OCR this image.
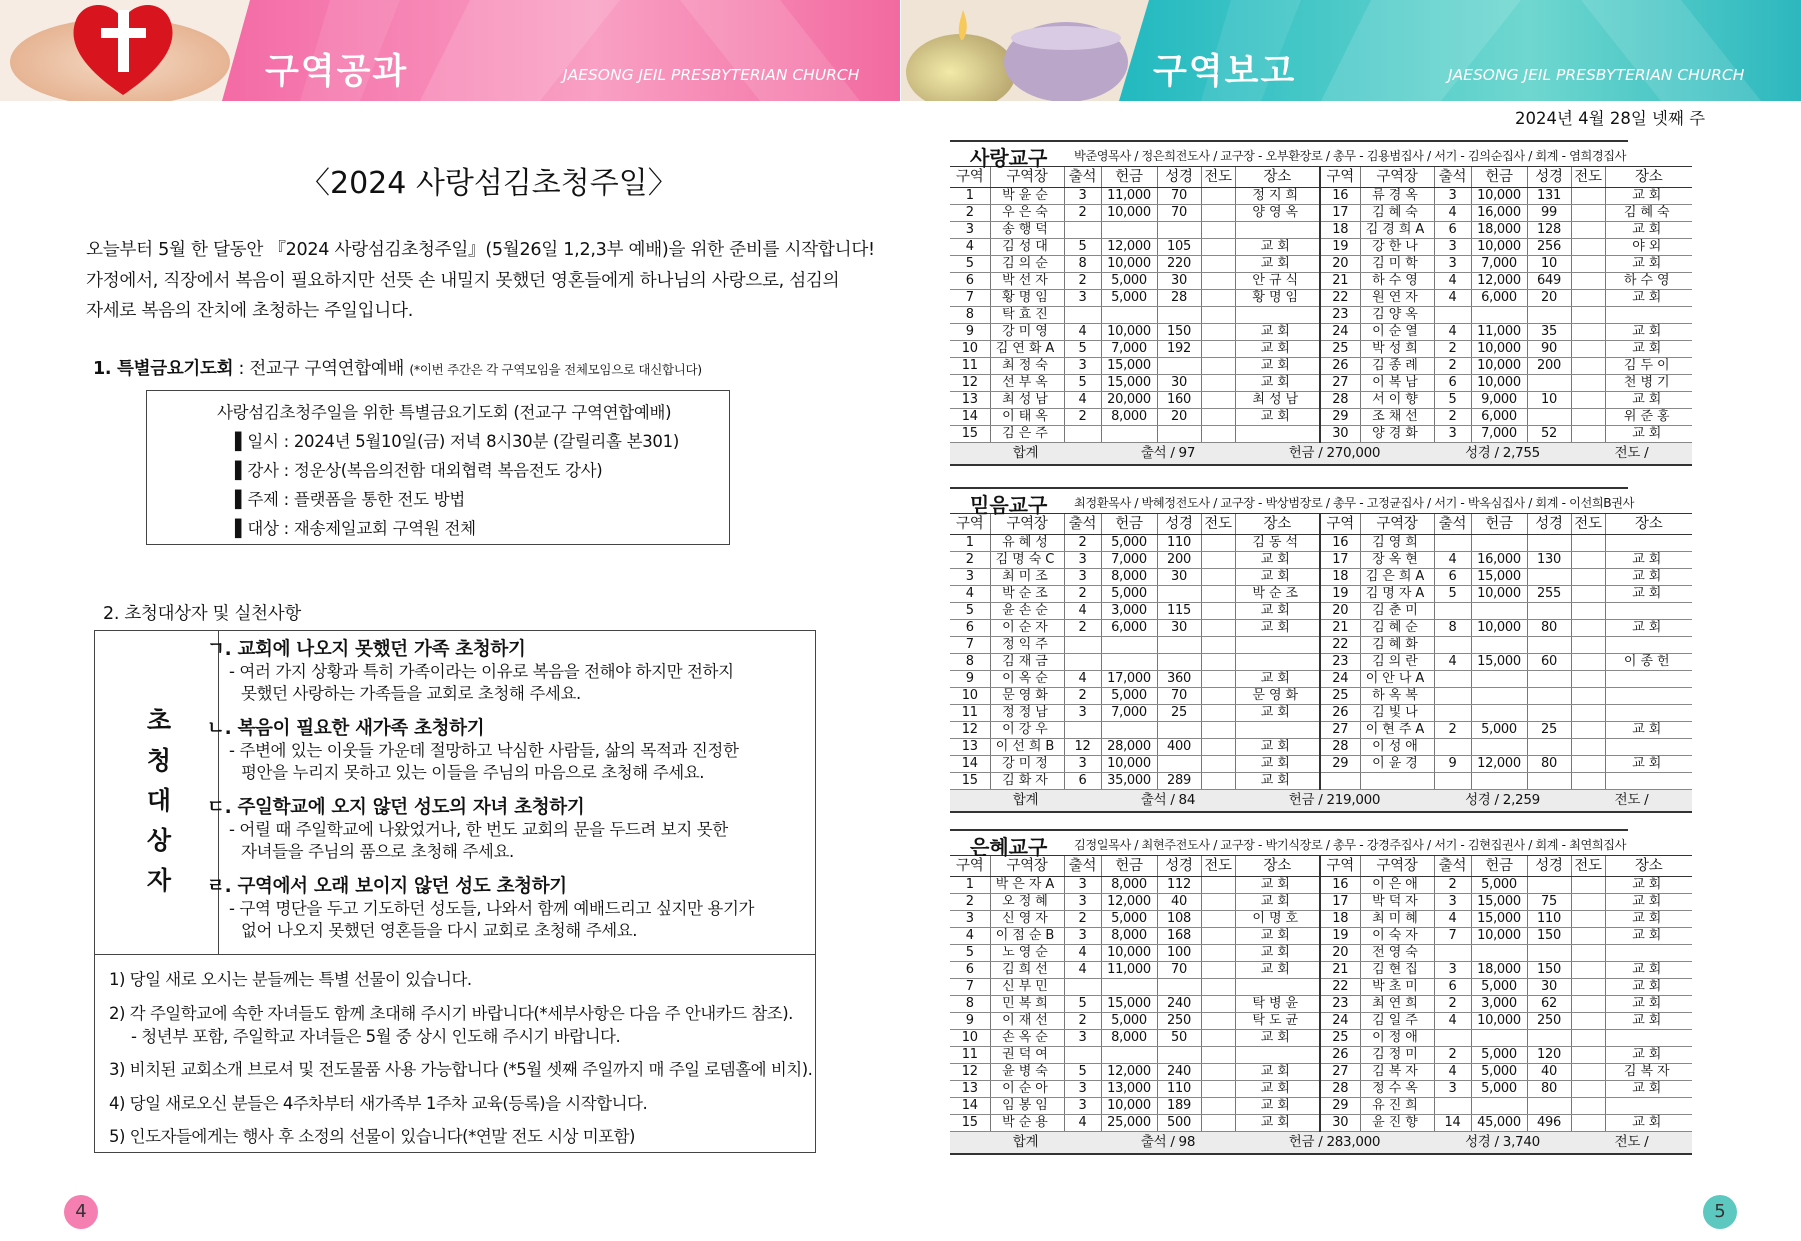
구역공과	JAESONG JEIL PRESBYTERIAN CHURCH
〈2024 사랑섬김초청주일〉

오늘부터 5월 한 달동안 『2024 사랑섬김초청주일』(5월26일 1,2,3부 예배)을 위한 준비를 시작합니다!

가정에서, 직장에서 복음이 필요하지만 선뜻 손 내밀지 못했던 영혼들에게 하나님의 사랑으로, 섬김의

자세로 복음의 잔치에 초청하는 주일입니다.

1. 특별금요기도회 : 전교구 구역연합예배 (*이번 주간은 각 구역모임을 전체모임으로 대신합니다)
사랑섬김초청주일을 위한 특별금요기도회 (전교구 구역연합예배)
▌일시 : 2024년 5월10일(금) 저녁 8시30분 (갈릴리홀 본301)
▌강사 : 정운상(복음의전함 대외협력 복음전도 강사)
▌주제 : 플랫폼을 통한 전도 방법
▌대상 : 재송제일교회 구역원 전체
2. 초청대상자 및 실천사항
초
청
대
상
자
ㄱ. 교회에 나오지 못했던 가족 초청하기
- 여러 가지 상황과 특히 가족이라는 이유로 복음을 전해야 하지만 전하지
못했던 사랑하는 가족들을 교회로 초청해 주세요.
ㄴ. 복음이 필요한 새가족 초청하기
- 주변에 있는 이웃들 가운데 절망하고 낙심한 사람들, 삶의 목적과 진정한
평안을 누리지 못하고 있는 이들을 주님의 마음으로 초청해 주세요.
ㄷ. 주일학교에 오지 않던 성도의 자녀 초청하기
- 어릴 때 주일학교에 나왔었거나, 한 번도 교회의 문을 두드려 보지 못한
자녀들을 주님의 품으로 초청해 주세요.
ㄹ. 구역에서 오래 보이지 않던 성도 초청하기
- 구역 명단을 두고 기도하던 성도들, 나와서 함께 예배드리고 싶지만 용기가
없어 나오지 못했던 영혼들을 다시 교회로 초청해 주세요.
1) 당일 새로 오시는 분들께는 특별 선물이 있습니다.
2) 각 주일학교에 속한 자녀들도 함께 초대해 주시기 바랍니다(*세부사항은 다음 주 안내카드 참조).
- 청년부 포함, 주일학교 자녀들은 5월 중 상시 인도해 주시기 바랍니다.
3) 비치된 교회소개 브로셔 및 전도물품 사용 가능합니다 (*5월 셋째 주일까지 매 주일 로뎀홀에 비치).
4) 당일 새로오신 분들은 4주차부터 새가족부 1주차 교육(등록)을 시작합니다.
5) 인도자들에게는 행사 후 소정의 선물이 있습니다(*연말 전도 시상 미포함)
4
구역보고	JAESONG JEIL PRESBYTERIAN CHURCH
2024년 4월 28일 넷째 주
사랑교구 박준영목사 / 정은희전도사 / 교구장 - 오부환장로 / 총무 - 김용범집사 / 서기 - 김의순집사 / 회계 - 염희경집사
구역	구역장	출석	헌금	성경	전도	장소	구역	구역장	출석	헌금	성경	전도	장소
1	박윤순	3	11,000	70		정지희	16	류경옥	3	10,000	131		교회
2	우은숙	2	10,000	70		양영옥	17	김혜숙	4	16,000	99		김혜숙
3	송행덕						18	김경희A	6	18,000	128		교회
4	김성대	5	12,000	105		교회	19	강한나	3	10,000	256		야외
5	김의순	8	10,000	220		교회	20	김미학	3	7,000	10		교회
6	박선자	2	5,000	30		안규식	21	하수영	4	12,000	649		하수영
7	황명임	3	5,000	28		황명임	22	원연자	4	6,000	20		교회
8	탁효진						23	김양옥					
9	강미영	4	10,000	150		교회	24	이순열	4	11,000	35		교회
10	김연화A	5	7,000	192		교회	25	박성희	2	10,000	90		교회
11	최정숙	3	15,000			교회	26	김종례	2	10,000	200		김두이
12	선부옥	5	15,000	30		교회	27	이복남	6	10,000			천병기
13	최성남	4	20,000	160		최성남	28	서이향	5	9,000	10		교회
14	이태옥	2	8,000	20		교회	29	조채선	2	6,000			위준홍
15	김은주						30	양경화	3	7,000	52		교회
합계			출석 / 97			헌금 / 270,000			성경 / 2,755			전도 /	
믿음교구 최정환목사 / 박혜정전도사 / 교구장 - 박상범장로 / 총무 - 고정균집사 / 서기 - 박옥심집사 / 회계 - 이선희B권사
구역	구역장	출석	헌금	성경	전도	장소	구역	구역장	출석	헌금	성경	전도	장소
1	유혜성	2	5,000	110		김동석	16	김영희					
2	김명숙C	3	7,000	200		교회	17	장옥현	4	16,000	130		교회
3	최미조	3	8,000	30		교회	18	김은희A	6	15,000			교회
4	박순조	2	5,000			박순조	19	김명자A	5	10,000	255		교회
5	윤손순	4	3,000	115		교회	20	김춘미					
6	이순자	2	6,000	30		교회	21	김혜순	8	10,000	80		교회
7	정익주						22	김혜화					
8	김재금						23	김의란	4	15,000	60		이종헌
9	이옥순	4	17,000	360		교회	24	이안나A					
10	문영화	2	5,000	70		문영화	25	하옥복					
11	정정남	3	7,000	25		교회	26	김빛나					
12	이강우						27	이현주A	2	5,000	25		교회
13	이선희B	12	28,000	400		교회	28	이성애					
14	강미정	3	10,000			교회	29	이윤경	9	12,000	80		교회
15	김화자	6	35,000	289		교회							
합계			출석 / 84			헌금 / 219,000			성경 / 2,259			전도 /	
은혜교구 김정일목사 / 최현주전도사 / 교구장 - 박기식장로 / 총무 - 강경주집사 / 서기 - 김현집권사 / 회계 - 최연희집사
구역	구역장	출석	헌금	성경	전도	장소	구역	구역장	출석	헌금	성경	전도	장소
1	박은자A	3	8,000	112		교회	16	이은애	2	5,000			교회
2	오정혜	3	12,000	40		교회	17	박덕자	3	15,000	75		교회
3	신영자	2	5,000	108		이명호	18	최미혜	4	15,000	110		교회
4	이점순B	3	8,000	168		교회	19	이숙자	7	10,000	150		교회
5	노영순	4	10,000	100		교회	20	전영숙					
6	김희선	4	11,000	70		교회	21	김현집	3	18,000	150		교회
7	신부민						22	박초미	6	5,000	30		교회
8	민복희	5	15,000	240		탁병윤	23	최연희	2	3,000	62		교회
9	이재선	2	5,000	250		탁도균	24	김일주	4	10,000	250		교회
10	손옥순	3	8,000	50		교회	25	이정애					
11	권덕여						26	김정미	2	5,000	120		교회
12	윤병숙	5	12,000	240		교회	27	김복자	4	5,000	40		김복자
13	이순아	3	13,000	110		교회	28	정수옥	3	5,000	80		교회
14	임봉임	3	10,000	189		교회	29	유진희					
15	박순용	4	25,000	500		교회	30	윤진향	14	45,000	496		교회
합계			출석 / 98			헌금 / 283,000			성경 / 3,740			전도 /	
5
